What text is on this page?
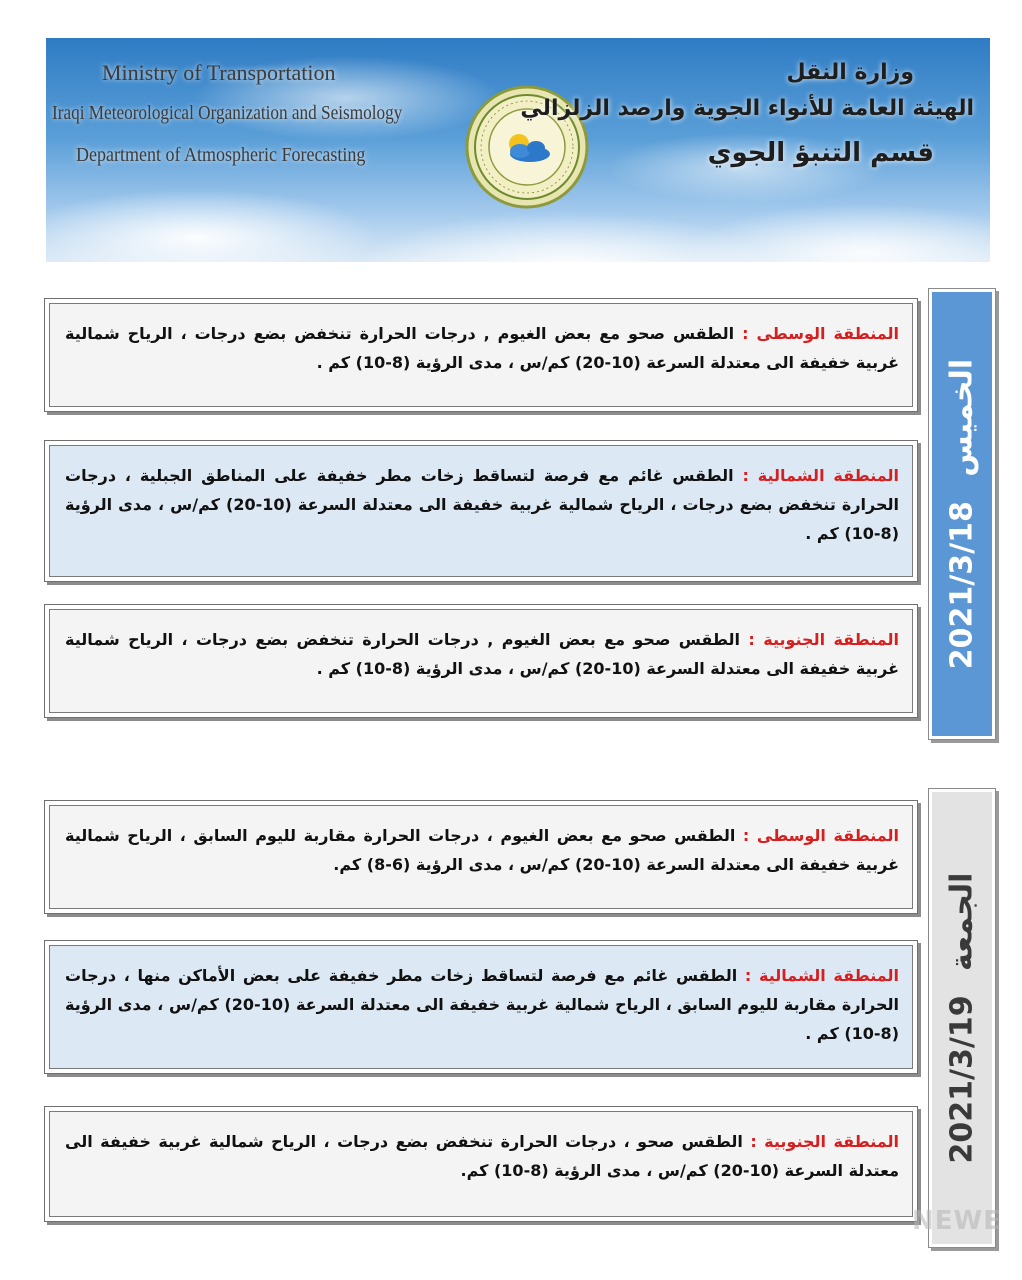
Ministry of Transportation
Iraqi Meteorological Organization and Seismology
Department of Atmospheric Forecasting
وزارة النقل
الهيئة العامة للأنواء الجوية وارصد الزلزالي
قسم التنبؤ الجوي
المنطقة الوسطى : الطقس صحو مع بعض الغيوم , درجات الحرارة تنخفض بضع درجات ، الرياح شمالية غربية خفيفة الى معتدلة السرعة (10-20) كم/س ، مدى الرؤية (8-10) كم .
المنطقة الشمالية : الطقس غائم مع فرصة لتساقط زخات مطر خفيفة على المناطق الجبلية ، درجات الحرارة تنخفض بضع درجات ، الرياح شمالية غربية خفيفة الى معتدلة السرعة (10-20) كم/س ، مدى الرؤية (8-10) كم .
المنطقة الجنوبية : الطقس صحو مع بعض الغيوم , درجات الحرارة تنخفض بضع درجات ، الرياح شمالية غربية خفيفة الى معتدلة السرعة (10-20) كم/س ، مدى الرؤية (8-10) كم . 2021/3/18 الخميس
المنطقة الوسطى : الطقس صحو مع بعض الغيوم ، درجات الحرارة مقاربة لليوم السابق ، الرياح شمالية غربية خفيفة الى معتدلة السرعة (10-20) كم/س ، مدى الرؤية (6-8) كم.
المنطقة الشمالية : الطقس غائم مع فرصة لتساقط زخات مطر خفيفة على بعض الأماكن منها ، درجات الحرارة مقاربة لليوم السابق ، الرياح شمالية غربية خفيفة الى معتدلة السرعة (10-20) كم/س ، مدى الرؤية (8-10) كم .
المنطقة الجنوبية : الطقس صحو ، درجات الحرارة تنخفض بضع درجات ، الرياح شمالية غربية خفيفة الى معتدلة السرعة (10-20) كم/س ، مدى الرؤية (8-10) كم.
2021/3/19 الجمعة
NEWE
